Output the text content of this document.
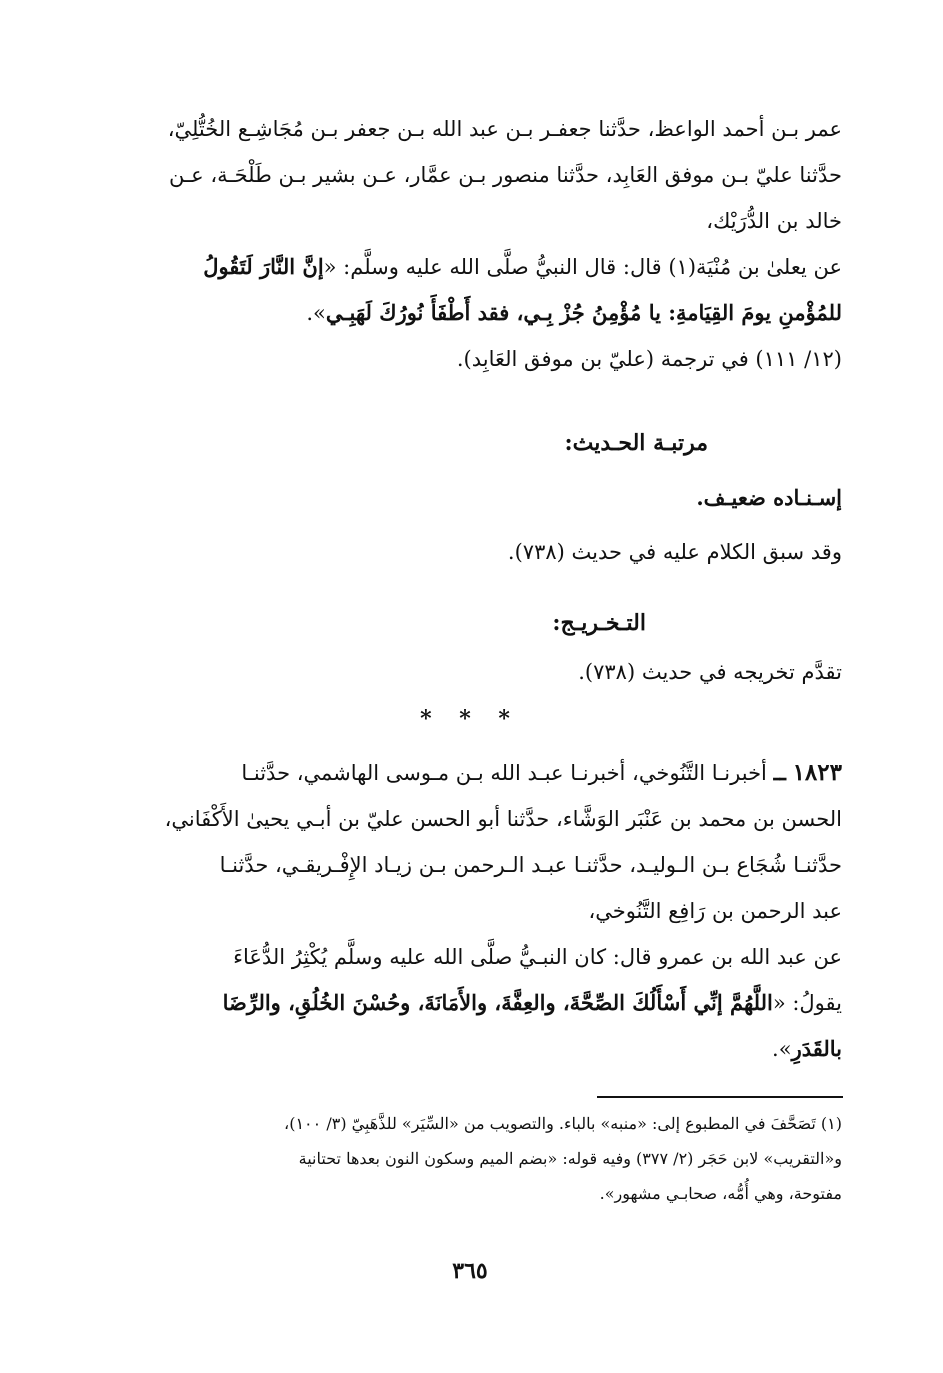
عمر بـن أحمد الواعظ، حدَّثنا جعفـر بـن عبد الله بـن جعفر بـن مُجَاشِـع الخُتُّلِيّ،
حدَّثنا عليّ بـن موفق العَابِد، حدَّثنا منصور بـن عمَّار، عـن بشير بـن طَلْحَـة، عـن
خالد بن الدُّرَيْك،
عن يعلىٰ بن مُنْيَة(١) قال: قال النبيُّ صلَّى الله عليه وسلَّم: «إنَّ النَّارَ لَتَقُولُ
للمُؤْمنِ يومَ القِيَامةِ: يا مُؤْمِنُ جُزْ بِـي، فقد أَطْفَأَ نُورُكَ لَهَبِـي».
(١٢/ ١١١) في ترجمة (عليّ بن موفق العَابِد).
مرتبـة الحـديث:
إسـنـاده ضعيـف.
وقد سبق الكلام عليه في حديث (٧٣٨).
التـخـريـج:
تقدَّم تخريجه في حديث (٧٣٨).
* * *
١٨٢٣ ــ أخبرنـا التَّنُوخي، أخبرنـا عبـد الله بـن مـوسى الهاشمي، حدَّثنـا
الحسن بن محمد بن عَنْبَر الوَشَّاء، حدَّثنا أبو الحسن عليّ بن أبـي يحيىٰ الأَكْفَاني،
حدَّثنـا شُجَاع بـن الـوليـد، حدَّثنـا عبـد الـرحمن بـن زيـاد الإِفْـريقـي، حدَّثنـا
عبد الرحمن بن رَافِع التَّنُوخي،
عن عبد الله بن عمرو قال: كان النبـيُّ صلَّى الله عليه وسلَّم يُكْثِرُ الدُّعَاءَ
يقولُ: «اللَّهُمَّ إنِّي أَسْأَلُكَ الصِّحَّةَ، والعِفَّةَ، والأَمَانَةَ، وحُسْنَ الخُلُقِ، والرِّضَا
بالقَدَرِ».
(١) تَصَحَّفَ في المطبوع إلى: «منبه» بالباء. والتصويب من «السِّيَر» للذَّهَبِيّ (٣/ ١٠٠)،
و«التقريب» لابن حَجَر (٢/ ٣٧٧) وفيه قوله: «بضم الميم وسكون النون بعدها تحتانية
مفتوحة، وهي أُمُّه، صحابـي مشهور».
٣٦٥
